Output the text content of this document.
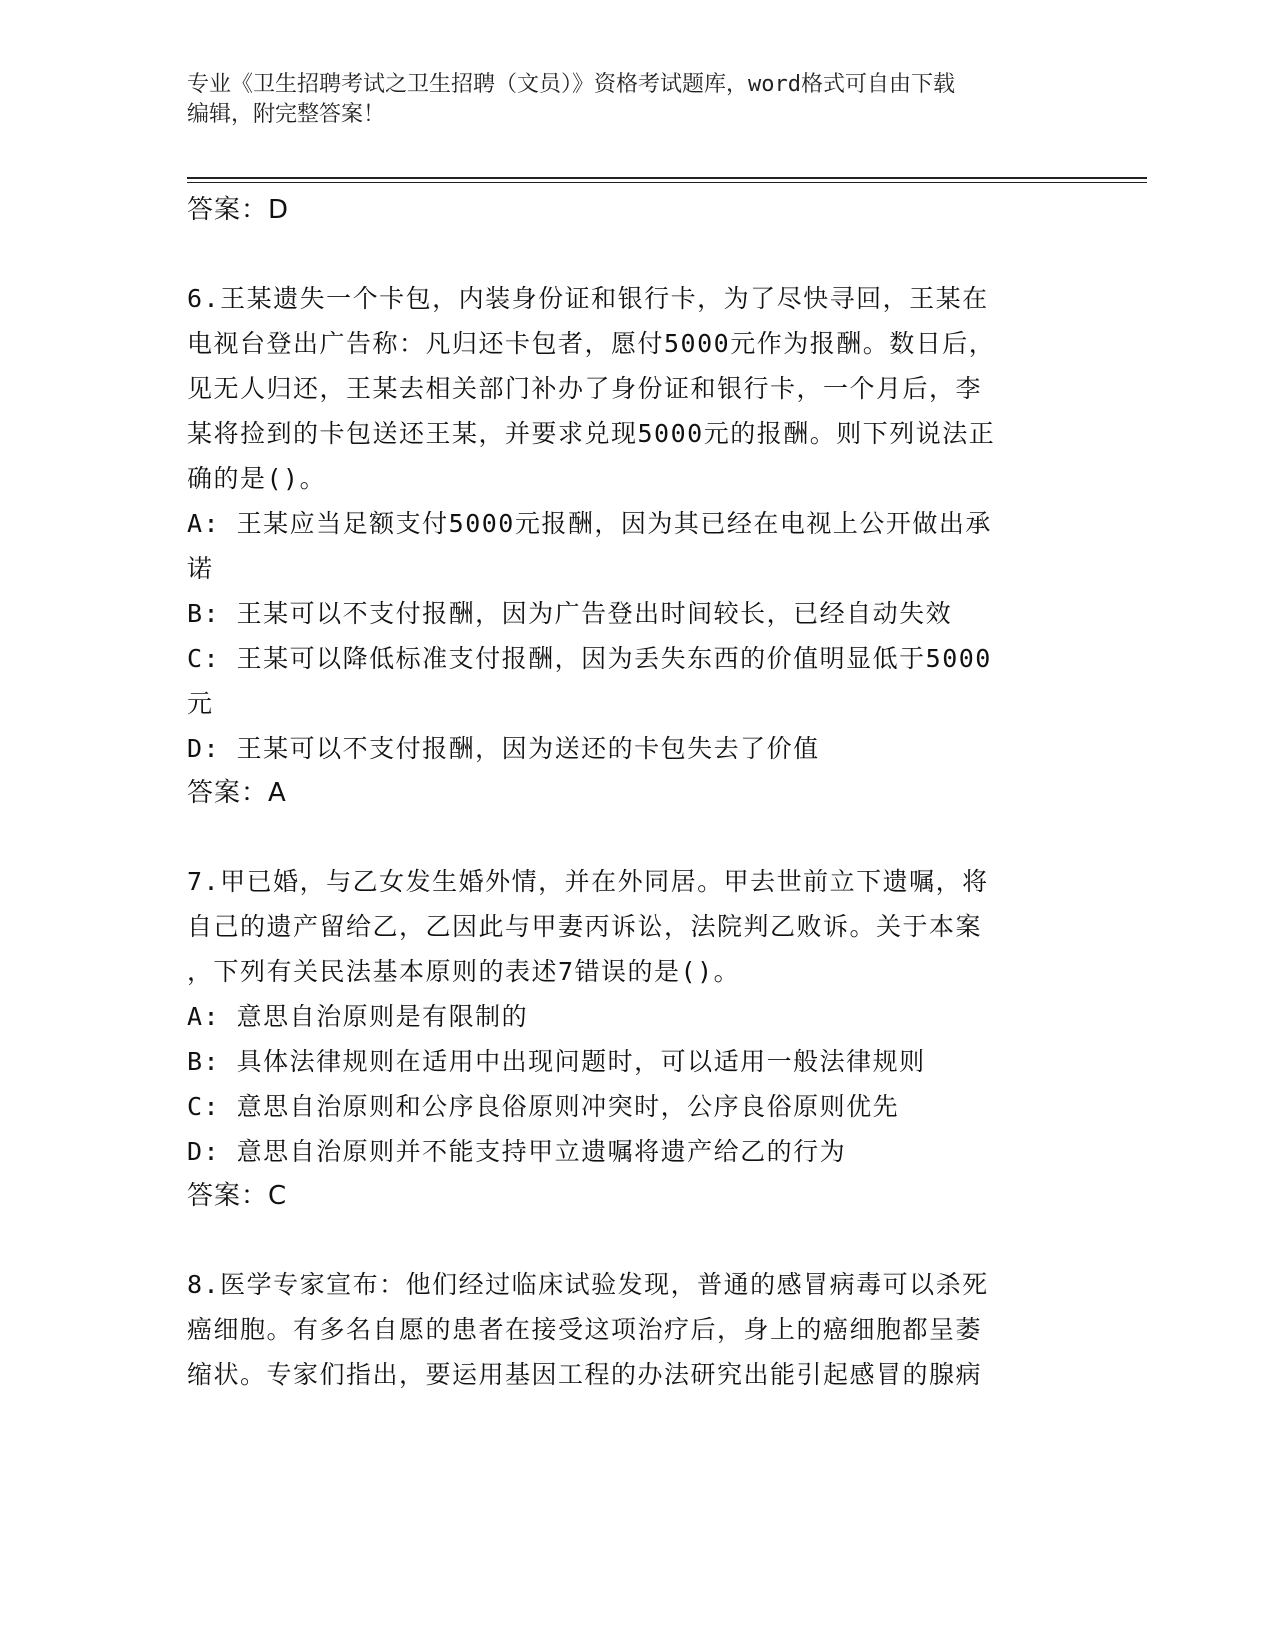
专业《卫生招聘考试之卫生招聘（文员）》资格考试题库，word格式可自由下载
编辑，附完整答案！
答案：D
6.王某遗失一个卡包，内装身份证和银行卡，为了尽快寻回，王某在
电视台登出广告称：凡归还卡包者，愿付5000元作为报酬。数日后，
见无人归还，王某去相关部门补办了身份证和银行卡，一个月后，李
某将捡到的卡包送还王某，并要求兑现5000元的报酬。则下列说法正
确的是()。
A: 王某应当足额支付5000元报酬，因为其已经在电视上公开做出承
诺
B: 王某可以不支付报酬，因为广告登出时间较长，已经自动失效
C: 王某可以降低标准支付报酬，因为丢失东西的价值明显低于5000
元
D: 王某可以不支付报酬，因为送还的卡包失去了价值
答案：A
7.甲已婚，与乙女发生婚外情，并在外同居。甲去世前立下遗嘱，将
自己的遗产留给乙，乙因此与甲妻丙诉讼，法院判乙败诉。关于本案
，下列有关民法基本原则的表述7错误的是()。
A: 意思自治原则是有限制的
B: 具体法律规则在适用中出现问题时，可以适用一般法律规则
C: 意思自治原则和公序良俗原则冲突时，公序良俗原则优先
D: 意思自治原则并不能支持甲立遗嘱将遗产给乙的行为
答案：C
8.医学专家宣布：他们经过临床试验发现，普通的感冒病毒可以杀死
癌细胞。有多名自愿的患者在接受这项治疗后，身上的癌细胞都呈萎
缩状。专家们指出，要运用基因工程的办法研究出能引起感冒的腺病
